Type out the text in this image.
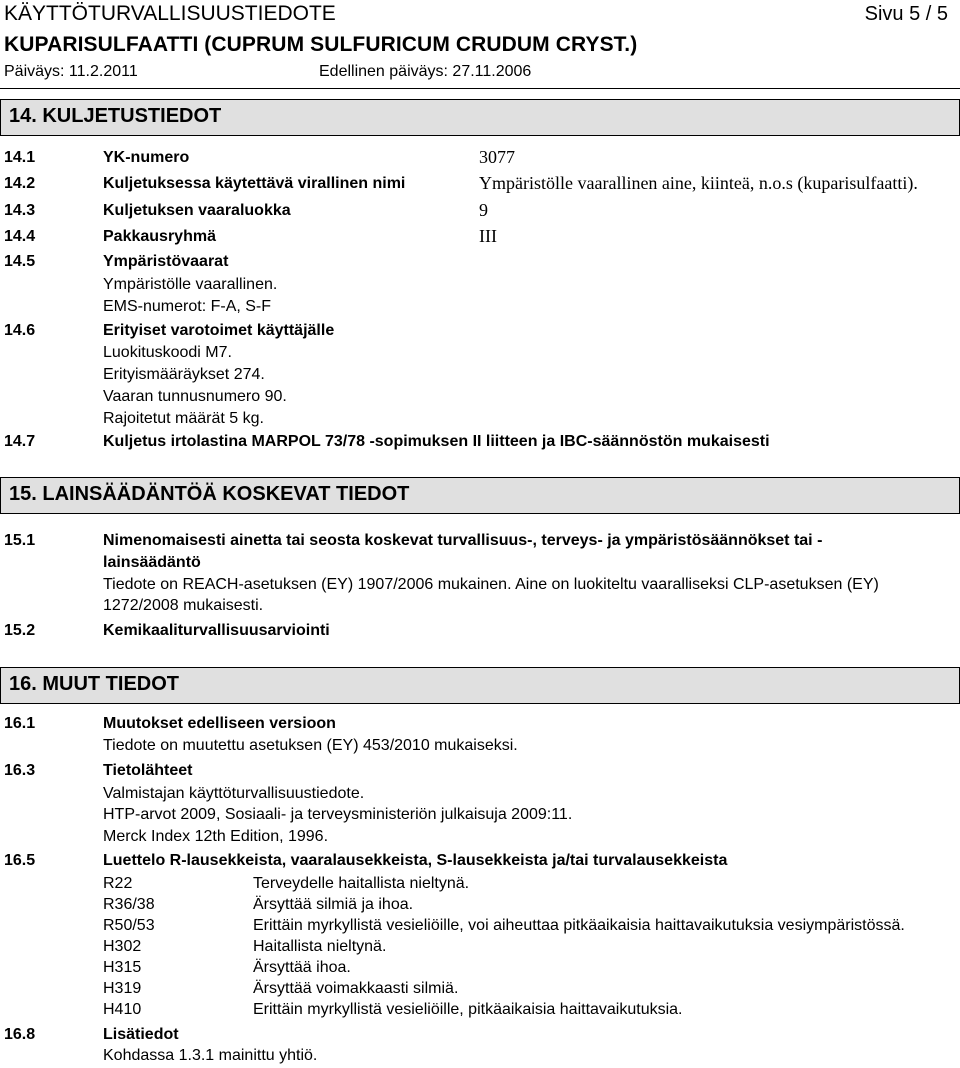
KÄYTTÖTURVALLISUUSTIEDOTE	Sivu 5 / 5
KUPARISULFAATTI (CUPRUM SULFURICUM CRUDUM CRYST.)
Päiväys: 11.2.2011	Edellinen päiväys: 27.11.2006
14. KULJETUSTIEDOT
14.1	YK-numero	3077
14.2	Kuljetuksessa käytettävä virallinen nimi	Ympäristölle vaarallinen aine, kiinteä, n.o.s (kuparisulfaatti).
14.3	Kuljetuksen vaaraluokka	9
14.4	Pakkausryhmä	III
14.5	Ympäristövaarat
Ympäristölle vaarallinen.
EMS-numerot: F-A, S-F
14.6	Erityiset varotoimet käyttäjälle
Luokituskoodi M7.
Erityismääräykset 274.
Vaaran tunnusnumero 90.
Rajoitetut määrät 5 kg.
14.7	Kuljetus irtolastina MARPOL 73/78 -sopimuksen II liitteen ja IBC-säännöstön mukaisesti
15. LAINSÄÄDÄNTÖÄ KOSKEVAT TIEDOT
15.1	Nimenomaisesti ainetta tai seosta koskevat turvallisuus-, terveys- ja ympäristösäännökset tai -
lainsäädäntö
Tiedote on REACH-asetuksen (EY) 1907/2006 mukainen. Aine on luokiteltu vaaralliseksi CLP-asetuksen (EY)
1272/2008 mukaisesti.
15.2	Kemikaaliturvallisuusarviointi
16. MUUT TIEDOT
16.1	Muutokset edelliseen versioon
Tiedote on muutettu asetuksen (EY) 453/2010 mukaiseksi.
16.3	Tietolähteet
Valmistajan käyttöturvallisuustiedote.
HTP-arvot 2009, Sosiaali- ja terveysministeriön julkaisuja 2009:11.
Merck Index 12th Edition, 1996.
16.5	Luettelo R-lausekkeista, vaaralausekkeista, S-lausekkeista ja/tai turvalausekkeista
R22	Terveydelle haitallista nieltynä.
R36/38	Ärsyttää silmiä ja ihoa.
R50/53	Erittäin myrkyllistä vesieliöille, voi aiheuttaa pitkäaikaisia haittavaikutuksia vesiympäristössä.
H302	Haitallista nieltynä.
H315	Ärsyttää ihoa.
H319	Ärsyttää voimakkaasti silmiä.
H410	Erittäin myrkyllistä vesieliöille, pitkäaikaisia haittavaikutuksia.
16.8	Lisätiedot
Kohdassa 1.3.1 mainittu yhtiö.
